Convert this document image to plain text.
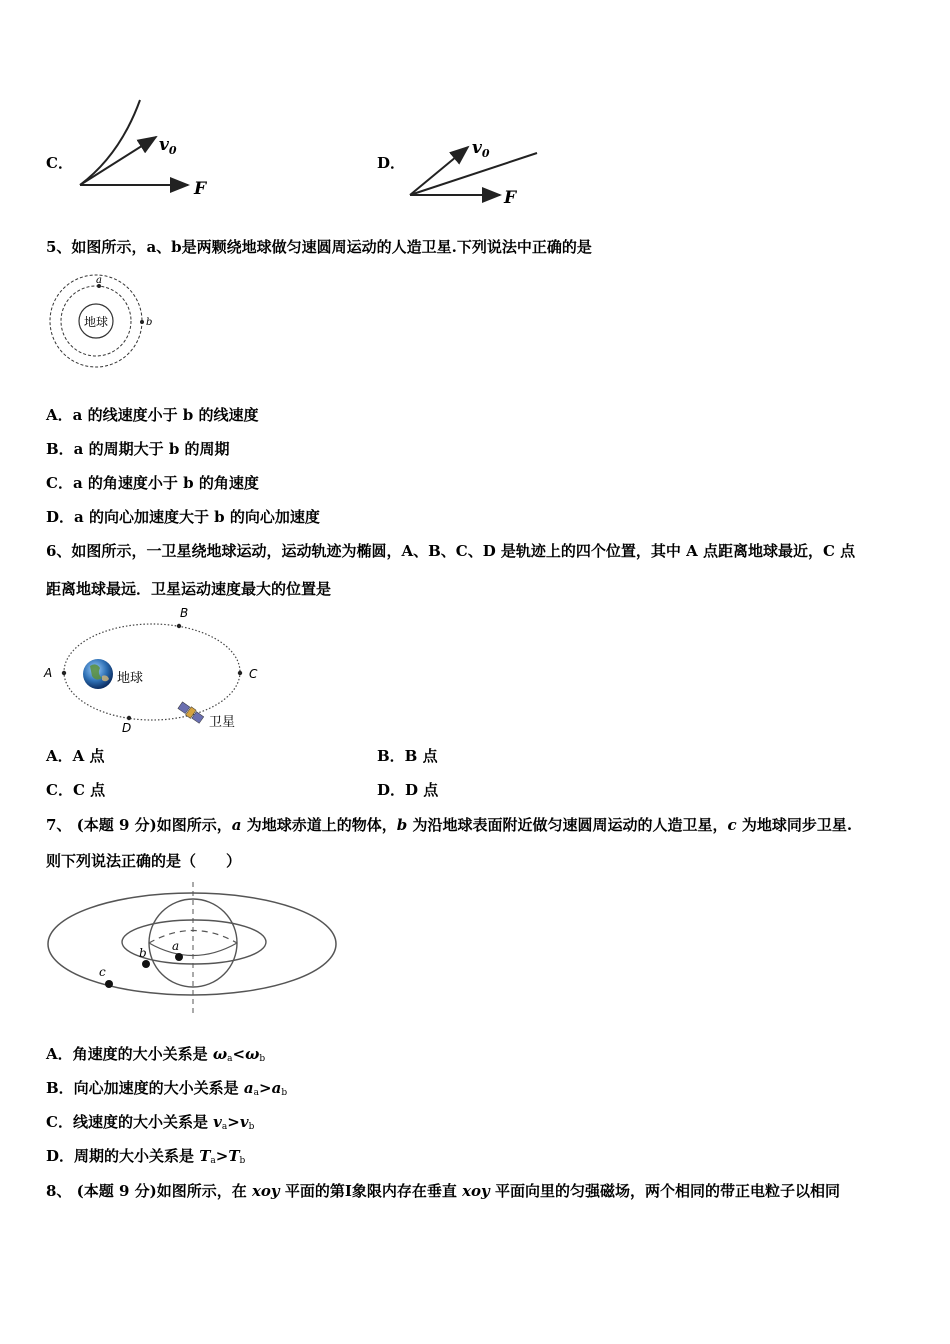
C．
$v_0$
F
D．
$v_0$
F
5、如图所示，a、b是两颗绕地球做匀速圆周运动的人造卫星.下列说法中正确的是
地球
a
b
A．a 的线速度小于 b 的线速度
B．a 的周期大于 b 的周期
C．a 的角速度小于 b 的角速度
D．a 的向心加速度大于 b 的向心加速度
6、如图所示，一卫星绕地球运动，运动轨迹为椭圆，A、B、C、D 是轨迹上的四个位置，其中 A 点距离地球最近，C 点
距离地球最远．卫星运动速度最大的位置是
B
A	C
D
地球
卫星
A．A 点	B．B 点
C．C 点	D．D 点
7、 (本题 9 分)如图所示，a 为地球赤道上的物体，b 为沿地球表面附近做匀速圆周运动的人造卫星，c 为地球同步卫星.
则下列说法正确的是（　　）
a
b
c
A．角速度的大小关系是 $\omega_a<\omega_b$
B．向心加速度的大小关系是 $a_a>a_b$
C．线速度的大小关系是 $v_a>v_b$
D．周期的大小关系是 $T_a>T_b$
8、 (本题 9 分)如图所示，在 xoy 平面的第Ⅰ象限内存在垂直 xoy 平面向里的匀强磁场，两个相同的带正电粒子以相同
